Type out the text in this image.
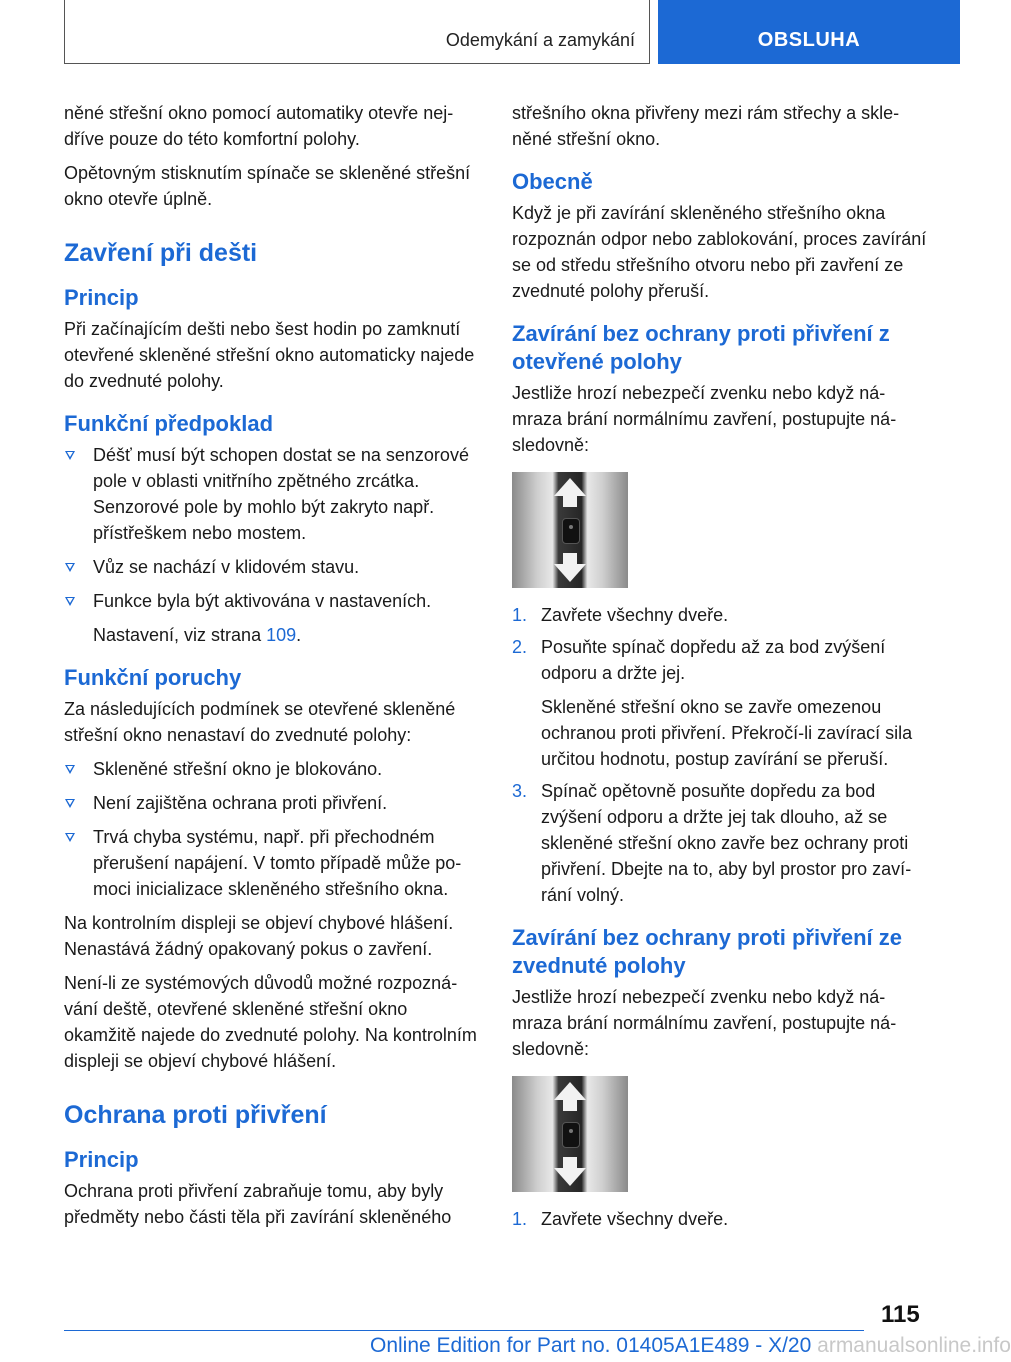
Odemykání a zamykání	OBSLUHA

něné střešní okno pomocí automatiky otevře nejdříve pouze do této komfortní polohy.

Opětovným stisknutím spínače se skleněné střešní okno otevře úplně.

Zavření při dešti
Princip

Při začínajícím dešti nebo šest hodin po zamknutí otevřené skleněné střešní okno automaticky najede do zvednuté polohy.

Funkční předpoklad
Déšť musí být schopen dostat se na senzorové pole v oblasti vnitřního zpětného zrcátka. Senzorové pole by mohlo být zakryto např. přístřeškem nebo mostem.
Vůz se nachází v klidovém stavu.
Funkce byla být aktivována v nastaveních.
Nastavení, viz strana 109.
Funkční poruchy

Za následujících podmínek se otevřené skleněné střešní okno nenastaví do zvednuté polohy:

Skleněné střešní okno je blokováno.
Není zajištěna ochrana proti přivření.
Trvá chyba systému, např. při přechodném přerušení napájení. V tomto případě může pomoci inicializace skleněného střešního okna.

Na kontrolním displeji se objeví chybové hlášení. Nenastává žádný opakovaný pokus o zavření.

Není-li ze systémových důvodů možné rozpoznávání deště, otevřené skleněné střešní okno okamžitě najede do zvednuté polohy. Na kontrolním displeji se objeví chybové hlášení.

Ochrana proti přivření
Princip

Ochrana proti přivření zabraňuje tomu, aby byly předměty nebo části těla při zavírání skleněného

střešního okna přivřeny mezi rám střechy a skleněné střešní okno.

Obecně

Když je při zavírání skleněného střešního okna rozpoznán odpor nebo zablokování, proces zavírání se od středu střešního otvoru nebo při zavření ze zvednuté polohy přeruší.

Zavírání bez ochrany proti přivření z otevřené polohy

Jestliže hrozí nebezpečí zvenku nebo když námraza brání normálnímu zavření, postupujte následovně:

1. Zavřete všechny dveře.
2. Posuňte spínač dopředu až za bod zvýšení odporu a držte jej.
Skleněné střešní okno se zavře omezenou ochranou proti přivření. Překročí-li zavírací sila určitou hodnotu, postup zavírání se přeruší.
3. Spínač opětovně posuňte dopředu za bod zvýšení odporu a držte jej tak dlouho, až se skleněné střešní okno zavře bez ochrany proti přivření. Dbejte na to, aby byl prostor pro zavírání volný.
Zavírání bez ochrany proti přivření ze zvednuté polohy

Jestliže hrozí nebezpečí zvenku nebo když námraza brání normálnímu zavření, postupujte následovně:

1. Zavřete všechny dveře.
115
Online Edition for Part no. 01405A1E489 - X/20 armanualsonline.info
